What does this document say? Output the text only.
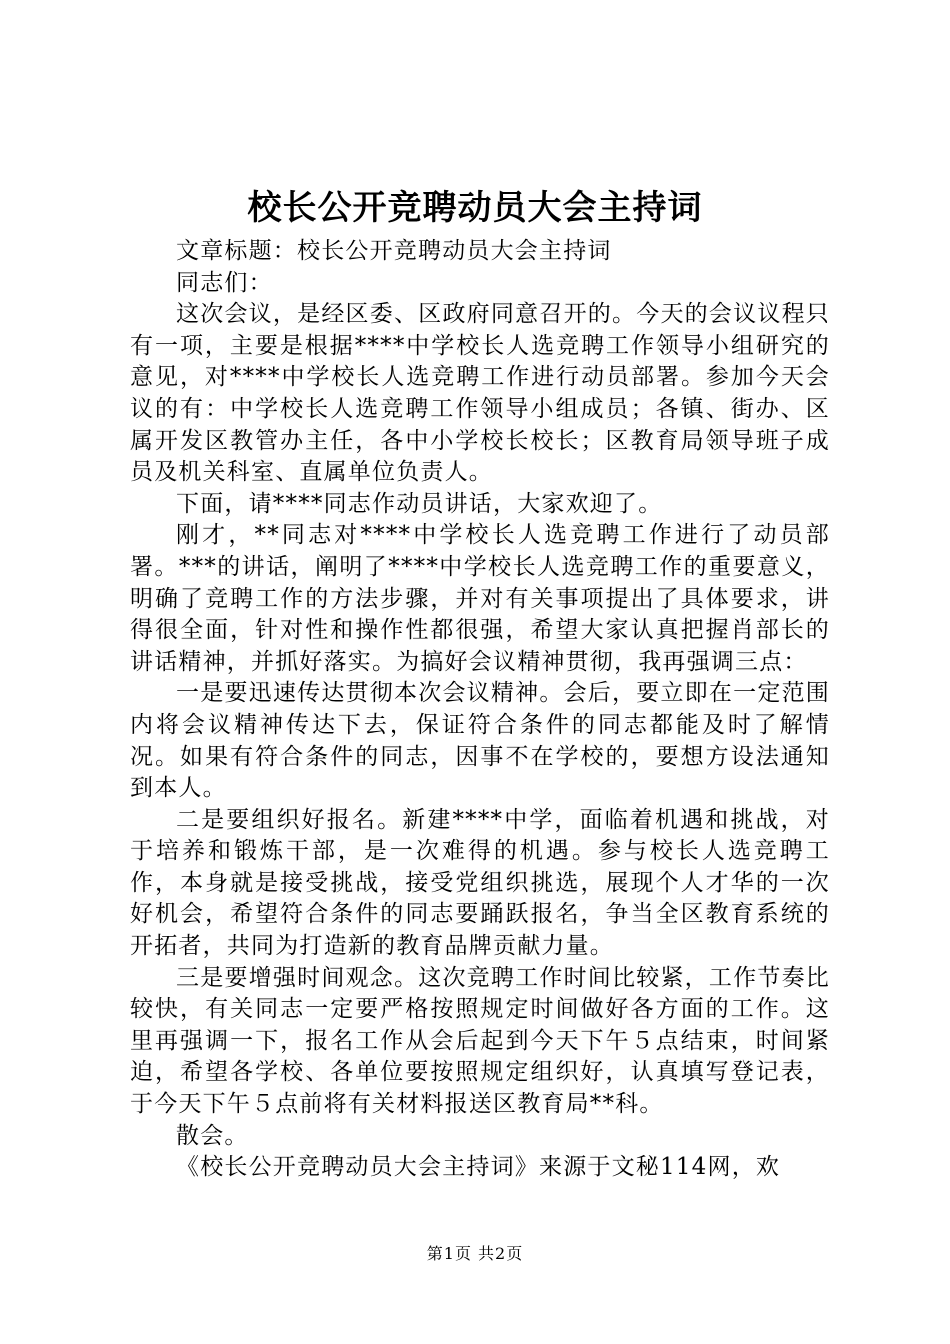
校长公开竞聘动员大会主持词

文章标题：校长公开竞聘动员大会主持词

同志们：

这次会议，是经区委、区政府同意召开的。今天的会议议程只有一项，主要是根据****中学校长人选竞聘工作领导小组研究的意见，对****中学校长人选竞聘工作进行动员部署。参加今天会议的有：中学校长人选竞聘工作领导小组成员；各镇、街办、区属开发区教管办主任，各中小学校长校长；区教育局领导班子成员及机关科室、直属单位负责人。

下面，请****同志作动员讲话，大家欢迎了。

刚才，**同志对****中学校长人选竞聘工作进行了动员部署。***的讲话，阐明了****中学校长人选竞聘工作的重要意义，明确了竞聘工作的方法步骤，并对有关事项提出了具体要求，讲得很全面，针对性和操作性都很强，希望大家认真把握肖部长的讲话精神，并抓好落实。为搞好会议精神贯彻，我再强调三点：

一是要迅速传达贯彻本次会议精神。会后，要立即在一定范围内将会议精神传达下去，保证符合条件的同志都能及时了解情况。如果有符合条件的同志，因事不在学校的，要想方设法通知到本人。

二是要组织好报名。新建****中学，面临着机遇和挑战，对于培养和锻炼干部，是一次难得的机遇。参与校长人选竞聘工作，本身就是接受挑战，接受党组织挑选，展现个人才华的一次好机会，希望符合条件的同志要踊跃报名，争当全区教育系统的开拓者，共同为打造新的教育品牌贡献力量。

三是要增强时间观念。这次竞聘工作时间比较紧，工作节奏比较快，有关同志一定要严格按照规定时间做好各方面的工作。这里再强调一下，报名工作从会后起到今天下午５点结束，时间紧迫，希望各学校、各单位要按照规定组织好，认真填写登记表，于今天下午５点前将有关材料报送区教育局**科。

散会。

《校长公开竞聘动员大会主持词》来源于文秘114网，欢

第1页 共2页
